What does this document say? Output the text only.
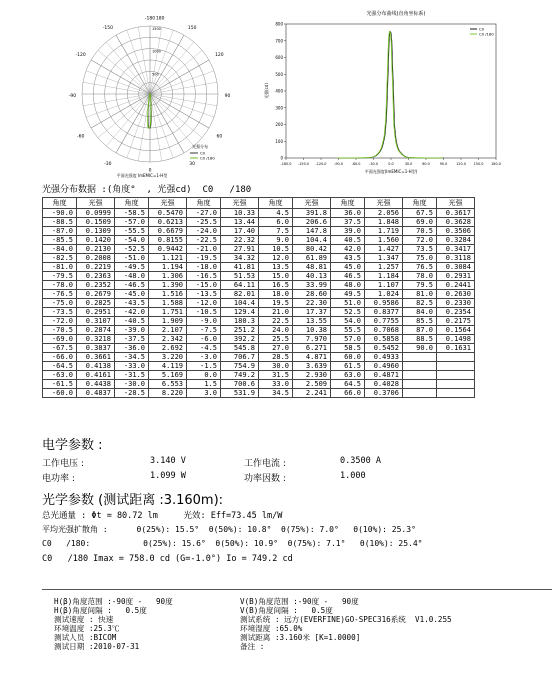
-180 180
-150	150
-120	120
-90	90
-60	60
-30	30
0
1500
1000
500
光强分布
C0
C0 /180
平面光强度 ImEMIC=1-H型
光强分布曲线(直角坐标系)
800
700
600
500
400
300
200
100
0
-180.0 -150.0 -120.0 -90.0	-60.0	-30.0	0.0	30.0	60.0	90.0	120.0 150.0 180.0
平面光强度(ImEMIC=1-H型)
光强(cd)
C0
C0 /180
光强分布数据 :(角度°  , 光强cd)  C0   /180
角度	光强	角度	光强	角度	光强	角度	光强	角度	光强	角度	光强
-90.0	0.0999	-58.5	0.5470	-27.0	10.33	4.5	391.8	36.0	2.056	67.5	0.3617
-88.5	0.1509	-57.0	0.6213	-25.5	13.44	6.0	206.6	37.5	1.848	69.0	0.3628
-87.0	0.1309	-55.5	0.6679	-24.0	17.40	7.5	147.8	39.0	1.719	70.5	0.3506
-85.5	0.1420	-54.0	0.8155	-22.5	22.32	9.0	104.4	40.5	1.560	72.0	0.3284
-84.0	0.2130	-52.5	0.9442	-21.0	27.91	10.5	80.42	42.0	1.427	73.5	0.3417
-82.5	0.2008	-51.0	1.121	-19.5	34.32	12.0	61.89	43.5	1.347	75.0	0.3118
-81.0	0.2219	-49.5	1.194	-18.0	41.81	13.5	48.81	45.0	1.257	76.5	0.3084
-79.5	0.2363	-48.0	1.306	-16.5	51.53	15.0	40.13	46.5	1.184	78.0	0.2931
-78.0	0.2352	-46.5	1.390	-15.0	64.11	16.5	33.99	48.0	1.107	79.5	0.2441
-76.5	0.2679	-45.0	1.516	-13.5	82.01	18.0	28.60	49.5	1.024	81.0	0.2630
-75.0	0.2825	-43.5	1.588	-12.0	104.4	19.5	22.30	51.0	0.9586	82.5	0.2330
-73.5	0.2951	-42.0	1.751	-10.5	129.4	21.0	17.37	52.5	0.8377	84.0	0.2354
-72.0	0.3107	-40.5	1.909	-9.0	180.3	22.5	13.55	54.0	0.7755	85.5	0.2175
-70.5	0.2874	-39.0	2.107	-7.5	251.2	24.0	10.38	55.5	0.7068	87.0	0.1564
-69.0	0.3218	-37.5	2.342	-6.0	392.2	25.5	7.970	57.0	0.5858	88.5	0.1498
-67.5	0.3837	-36.0	2.692	-4.5	545.8	27.0	6.271	58.5	0.5452	90.0	0.1631
-66.0	0.3661	-34.5	3.220	-3.0	706.7	28.5	4.871	60.0	0.4933		
-64.5	0.4138	-33.0	4.119	-1.5	754.9	30.0	3.639	61.5	0.4960		
-63.0	0.4161	-31.5	5.169	0.0	749.2	31.5	2.930	63.0	0.4871		
-61.5	0.4438	-30.0	6.553	1.5	700.6	33.0	2.509	64.5	0.4028		
-60.0	0.4837	-28.5	8.220	3.0	531.9	34.5	2.241	66.0	0.3706		
电学参数 :
工作电压 :	3.140 V	工作电流 :	0.3500 A
电功率 :	1.099 W	功率因数 :	1.000
光学参数 (测试距离 :3.160m):
总光通量 : Φt = 80.72 lm     光效: Eff=73.45 lm/W
平均光强扩散角 :      θ(25%): 15.5°  θ(50%): 10.8°  θ(75%): 7.0°   θ(10%): 25.3°
C0   /180:           θ(25%): 15.6°  θ(50%): 10.9°  θ(75%): 7.1°   θ(10%): 25.4°
C0   /180 Imax = 758.0 cd (G=-1.0°) Io = 749.2 cd
H(β)角度范围 :-90度 -   90度
H(β)角度间隔 :   0.5度
测试速度 : 快速
环境温度 :25.3℃
测试人员 :BICOM
测试日期 :2010-07-31
V(B)角度范围 :-90度 -   90度
V(B)角度间隔 :   0.5度
测试系统 : 远方(EVERFINE)GO-SPEC316系统  V1.0.255
环境湿度 :65.0%
测试距离 :3.160米 [K=1.0000]
备注 :
